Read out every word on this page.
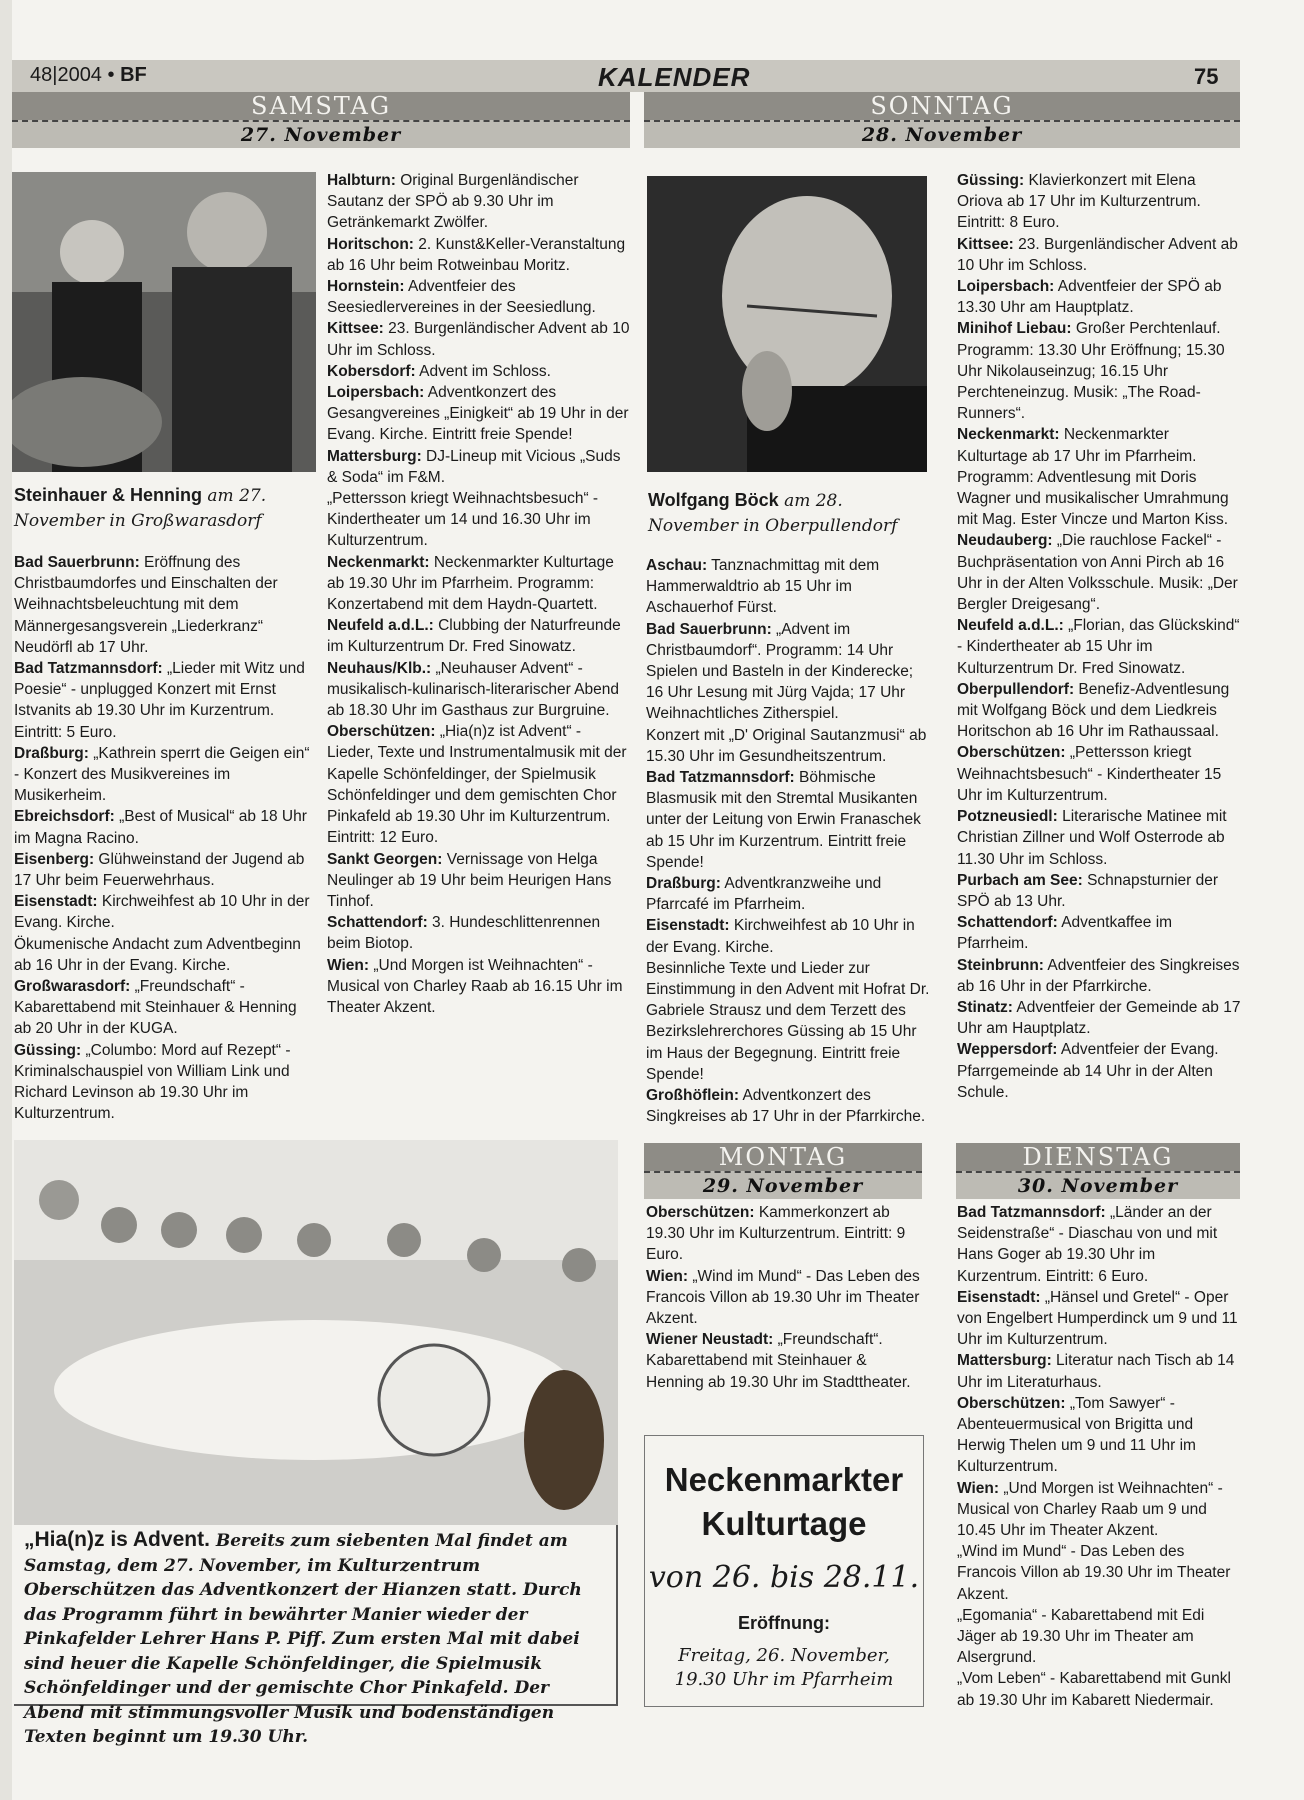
48|2004 • BF	KALENDER	75
SAMSTAG
27. November
SONNTAG
28. November
MONTAG
29. November
DIENSTAG
30. November
Steinhauer & Henning am 27. November in Großwarasdorf
Wolfgang Böck am 28. November in Oberpullendorf

Bad Sauerbrunn: Eröffnung des Christbaumdorfes und Einschalten der Weihnachtsbeleuchtung mit dem Männergesangsverein „Liederkranz“ Neudörfl ab 17 Uhr.

Bad Tatzmannsdorf: „Lieder mit Witz und Poesie“ - unplugged Konzert mit Ernst Istvanits ab 19.30 Uhr im Kurzentrum. Eintritt: 5 Euro.

Draßburg: „Kathrein sperrt die Geigen ein“ - Konzert des Musikvereines im Musikerheim.

Ebreichsdorf: „Best of Musical“ ab 18 Uhr im Magna Racino.

Eisenberg: Glühweinstand der Jugend ab 17 Uhr beim Feuerwehrhaus.

Eisenstadt: Kirchweihfest ab 10 Uhr in der Evang. Kirche.

Ökumenische Andacht zum Adventbeginn ab 16 Uhr in der Evang. Kirche.

Großwarasdorf: „Freundschaft“ - Kabarettabend mit Steinhauer & Henning ab 20 Uhr in der KUGA.

Güssing: „Columbo: Mord auf Rezept“ - Kriminalschauspiel von William Link und Richard Levinson ab 19.30 Uhr im Kulturzentrum.

Halbturn: Original Burgenländischer Sautanz der SPÖ ab 9.30 Uhr im Getränkemarkt Zwölfer.

Horitschon: 2. Kunst&Keller-Veranstaltung ab 16 Uhr beim Rotweinbau Moritz.

Hornstein: Adventfeier des Seesiedlervereines in der Seesiedlung.

Kittsee: 23. Burgenländischer Advent ab 10 Uhr im Schloss.

Kobersdorf: Advent im Schloss.

Loipersbach: Adventkonzert des Gesangvereines „Einigkeit“ ab 19 Uhr in der Evang. Kirche. Eintritt freie Spende!

Mattersburg: DJ-Lineup mit Vicious „Suds & Soda“ im F&M.

„Pettersson kriegt Weihnachtsbesuch“ - Kindertheater um 14 und 16.30 Uhr im Kulturzentrum.

Neckenmarkt: Neckenmarkter Kulturtage ab 19.30 Uhr im Pfarrheim. Programm: Konzertabend mit dem Haydn-Quartett.

Neufeld a.d.L.: Clubbing der Naturfreunde im Kulturzentrum Dr. Fred Sinowatz.

Neuhaus/Klb.: „Neuhauser Advent“ - musikalisch-kulinarisch-literarischer Abend ab 18.30 Uhr im Gasthaus zur Burgruine.

Oberschützen: „Hia(n)z ist Advent“ - Lieder, Texte und Instrumentalmusik mit der Kapelle Schönfeldinger, der Spielmusik Schönfeldinger und dem gemischten Chor Pinkafeld ab 19.30 Uhr im Kulturzentrum. Eintritt: 12 Euro.

Sankt Georgen: Vernissage von Helga Neulinger ab 19 Uhr beim Heurigen Hans Tinhof.

Schattendorf: 3. Hundeschlittenrennen beim Biotop.

Wien: „Und Morgen ist Weihnachten“ - Musical von Charley Raab ab 16.15 Uhr im Theater Akzent.

Aschau: Tanznachmittag mit dem Hammerwaldtrio ab 15 Uhr im Aschauerhof Fürst.

Bad Sauerbrunn: „Advent im Christbaumdorf“. Programm: 14 Uhr Spielen und Basteln in der Kinderecke; 16 Uhr Lesung mit Jürg Vajda; 17 Uhr Weihnachtliches Zitherspiel.

Konzert mit „D' Original Sautanzmusi“ ab 15.30 Uhr im Gesundheitszentrum.

Bad Tatzmannsdorf: Böhmische Blasmusik mit den Stremtal Musikanten unter der Leitung von Erwin Franaschek ab 15 Uhr im Kurzentrum. Eintritt freie Spende!

Draßburg: Adventkranzweihe und Pfarrcafé im Pfarrheim.

Eisenstadt: Kirchweihfest ab 10 Uhr in der Evang. Kirche.

Besinnliche Texte und Lieder zur Einstimmung in den Advent mit Hofrat Dr. Gabriele Strausz und dem Terzett des Bezirkslehrerchores Güssing ab 15 Uhr im Haus der Begegnung. Eintritt freie Spende!

Großhöflein: Adventkonzert des Singkreises ab 17 Uhr in der Pfarrkirche.

Güssing: Klavierkonzert mit Elena Oriova ab 17 Uhr im Kulturzentrum. Eintritt: 8 Euro.

Kittsee: 23. Burgenländischer Advent ab 10 Uhr im Schloss.

Loipersbach: Adventfeier der SPÖ ab 13.30 Uhr am Hauptplatz.

Minihof Liebau: Großer Perchtenlauf. Programm: 13.30 Uhr Eröffnung; 15.30 Uhr Nikolauseinzug; 16.15 Uhr Perchteneinzug. Musik: „The Road-Runners“.

Neckenmarkt: Neckenmarkter Kulturtage ab 17 Uhr im Pfarrheim. Programm: Adventlesung mit Doris Wagner und musikalischer Umrahmung mit Mag. Ester Vincze und Marton Kiss.

Neudauberg: „Die rauchlose Fackel“ - Buchpräsentation von Anni Pirch ab 16 Uhr in der Alten Volksschule. Musik: „Der Bergler Dreigesang“.

Neufeld a.d.L.: „Florian, das Glückskind“ - Kindertheater ab 15 Uhr im Kulturzentrum Dr. Fred Sinowatz.

Oberpullendorf: Benefiz-Adventlesung mit Wolfgang Böck und dem Liedkreis Horitschon ab 16 Uhr im Rathaussaal.

Oberschützen: „Pettersson kriegt Weihnachtsbesuch“ - Kindertheater 15 Uhr im Kulturzentrum.

Potzneusiedl: Literarische Matinee mit Christian Zillner und Wolf Osterrode ab 11.30 Uhr im Schloss.

Purbach am See: Schnapsturnier der SPÖ ab 13 Uhr.

Schattendorf: Adventkaffee im Pfarrheim.

Steinbrunn: Adventfeier des Singkreises ab 16 Uhr in der Pfarrkirche.

Stinatz: Adventfeier der Gemeinde ab 17 Uhr am Hauptplatz.

Weppersdorf: Adventfeier der Evang. Pfarrgemeinde ab 14 Uhr in der Alten Schule.

„Hia(n)z is Advent. Bereits zum siebenten Mal findet am Samstag, dem 27. November, im Kulturzentrum Oberschützen das Adventkonzert der Hianzen statt. Durch das Programm führt in bewährter Manier wieder der Pinkafelder Lehrer Hans P. Piff. Zum ersten Mal mit dabei sind heuer die Kapelle Schönfeldinger, die Spielmusik Schönfeldinger und der gemischte Chor Pinkafeld. Der Abend mit stimmungsvoller Musik und bodenständigen Texten beginnt um 19.30 Uhr.

Oberschützen: Kammerkonzert ab 19.30 Uhr im Kulturzentrum. Eintritt: 9 Euro.

Wien: „Wind im Mund“ - Das Leben des Francois Villon ab 19.30 Uhr im Theater Akzent.

Wiener Neustadt: „Freundschaft“. Kabarettabend mit Steinhauer & Henning ab 19.30 Uhr im Stadttheater.

Neckenmarkter
Kulturtage
von 26. bis 28.11.
Eröffnung:
Freitag, 26. November,
19.30 Uhr im Pfarrheim

Bad Tatzmannsdorf: „Länder an der Seidenstraße“ - Diaschau von und mit Hans Goger ab 19.30 Uhr im Kurzentrum. Eintritt: 6 Euro.

Eisenstadt: „Hänsel und Gretel“ - Oper von Engelbert Humperdinck um 9 und 11 Uhr im Kulturzentrum.

Mattersburg: Literatur nach Tisch ab 14 Uhr im Literaturhaus.

Oberschützen: „Tom Sawyer“ - Abenteuermusical von Brigitta und Herwig Thelen um 9 und 11 Uhr im Kulturzentrum.

Wien: „Und Morgen ist Weihnachten“ - Musical von Charley Raab um 9 und 10.45 Uhr im Theater Akzent.

„Wind im Mund“ - Das Leben des Francois Villon ab 19.30 Uhr im Theater Akzent.

„Egomania“ - Kabarettabend mit Edi Jäger ab 19.30 Uhr im Theater am Alsergrund.

„Vom Leben“ - Kabarettabend mit Gunkl ab 19.30 Uhr im Kabarett Niedermair.
